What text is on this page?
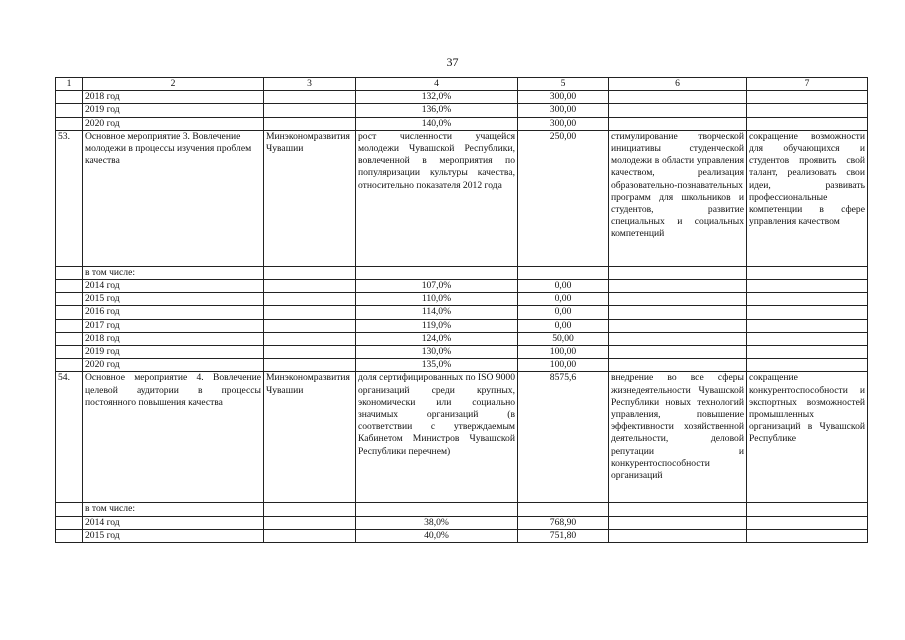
37
1	2	3	4	5	6	7
	2018 год		132,0%	300,00		
	2019 год		136,0%	300,00		
	2020 год		140,0%	300,00		
53.	Основное мероприятие 3. Вовлечение молодежи в процессы изучения проблем качества	Минэкономразвития Чувашии	рост численности учащейся молодежи Чувашской Республики, вовлеченной в мероприятия по популяризации культуры качества, относительно показателя 2012 года	250,00	стимулирование творческой инициативы студенческой молодежи в области управления качеством, реализация образовательно-познавательных программ для школьников и студентов, развитие специальных и социальных компетенций	сокращение возможности для обучающихся и студентов проявить свой талант, реализовать свои идеи, развивать профессиональные компетенции в сфере управления качеством
	в том числе:					
	2014 год		107,0%	0,00		
	2015 год		110,0%	0,00		
	2016 год		114,0%	0,00		
	2017 год		119,0%	0,00		
	2018 год		124,0%	50,00		
	2019 год		130,0%	100,00		
	2020 год		135,0%	100,00		
54.	Основное мероприятие 4. Вовлечение целевой аудитории в процессы постоянного повышения качества	Минэкономразвития Чувашии	доля сертифицированных по ISO 9000 организаций среди крупных, экономически или социально значимых организаций (в соответствии с утверждаемым Кабинетом Министров Чувашской Республики перечнем)	8575,6	внедрение во все сферы жизнедеятельности Чувашской Республики новых технологий управления, повышение эффективности хозяйственной деятельности, деловой репутации и конкурентоспособности организаций	сокращение конкурентоспособности и экспортных возможностей промышленных организаций в Чувашской Республике
	в том числе:					
	2014 год		38,0%	768,90		
	2015 год		40,0%	751,80		
